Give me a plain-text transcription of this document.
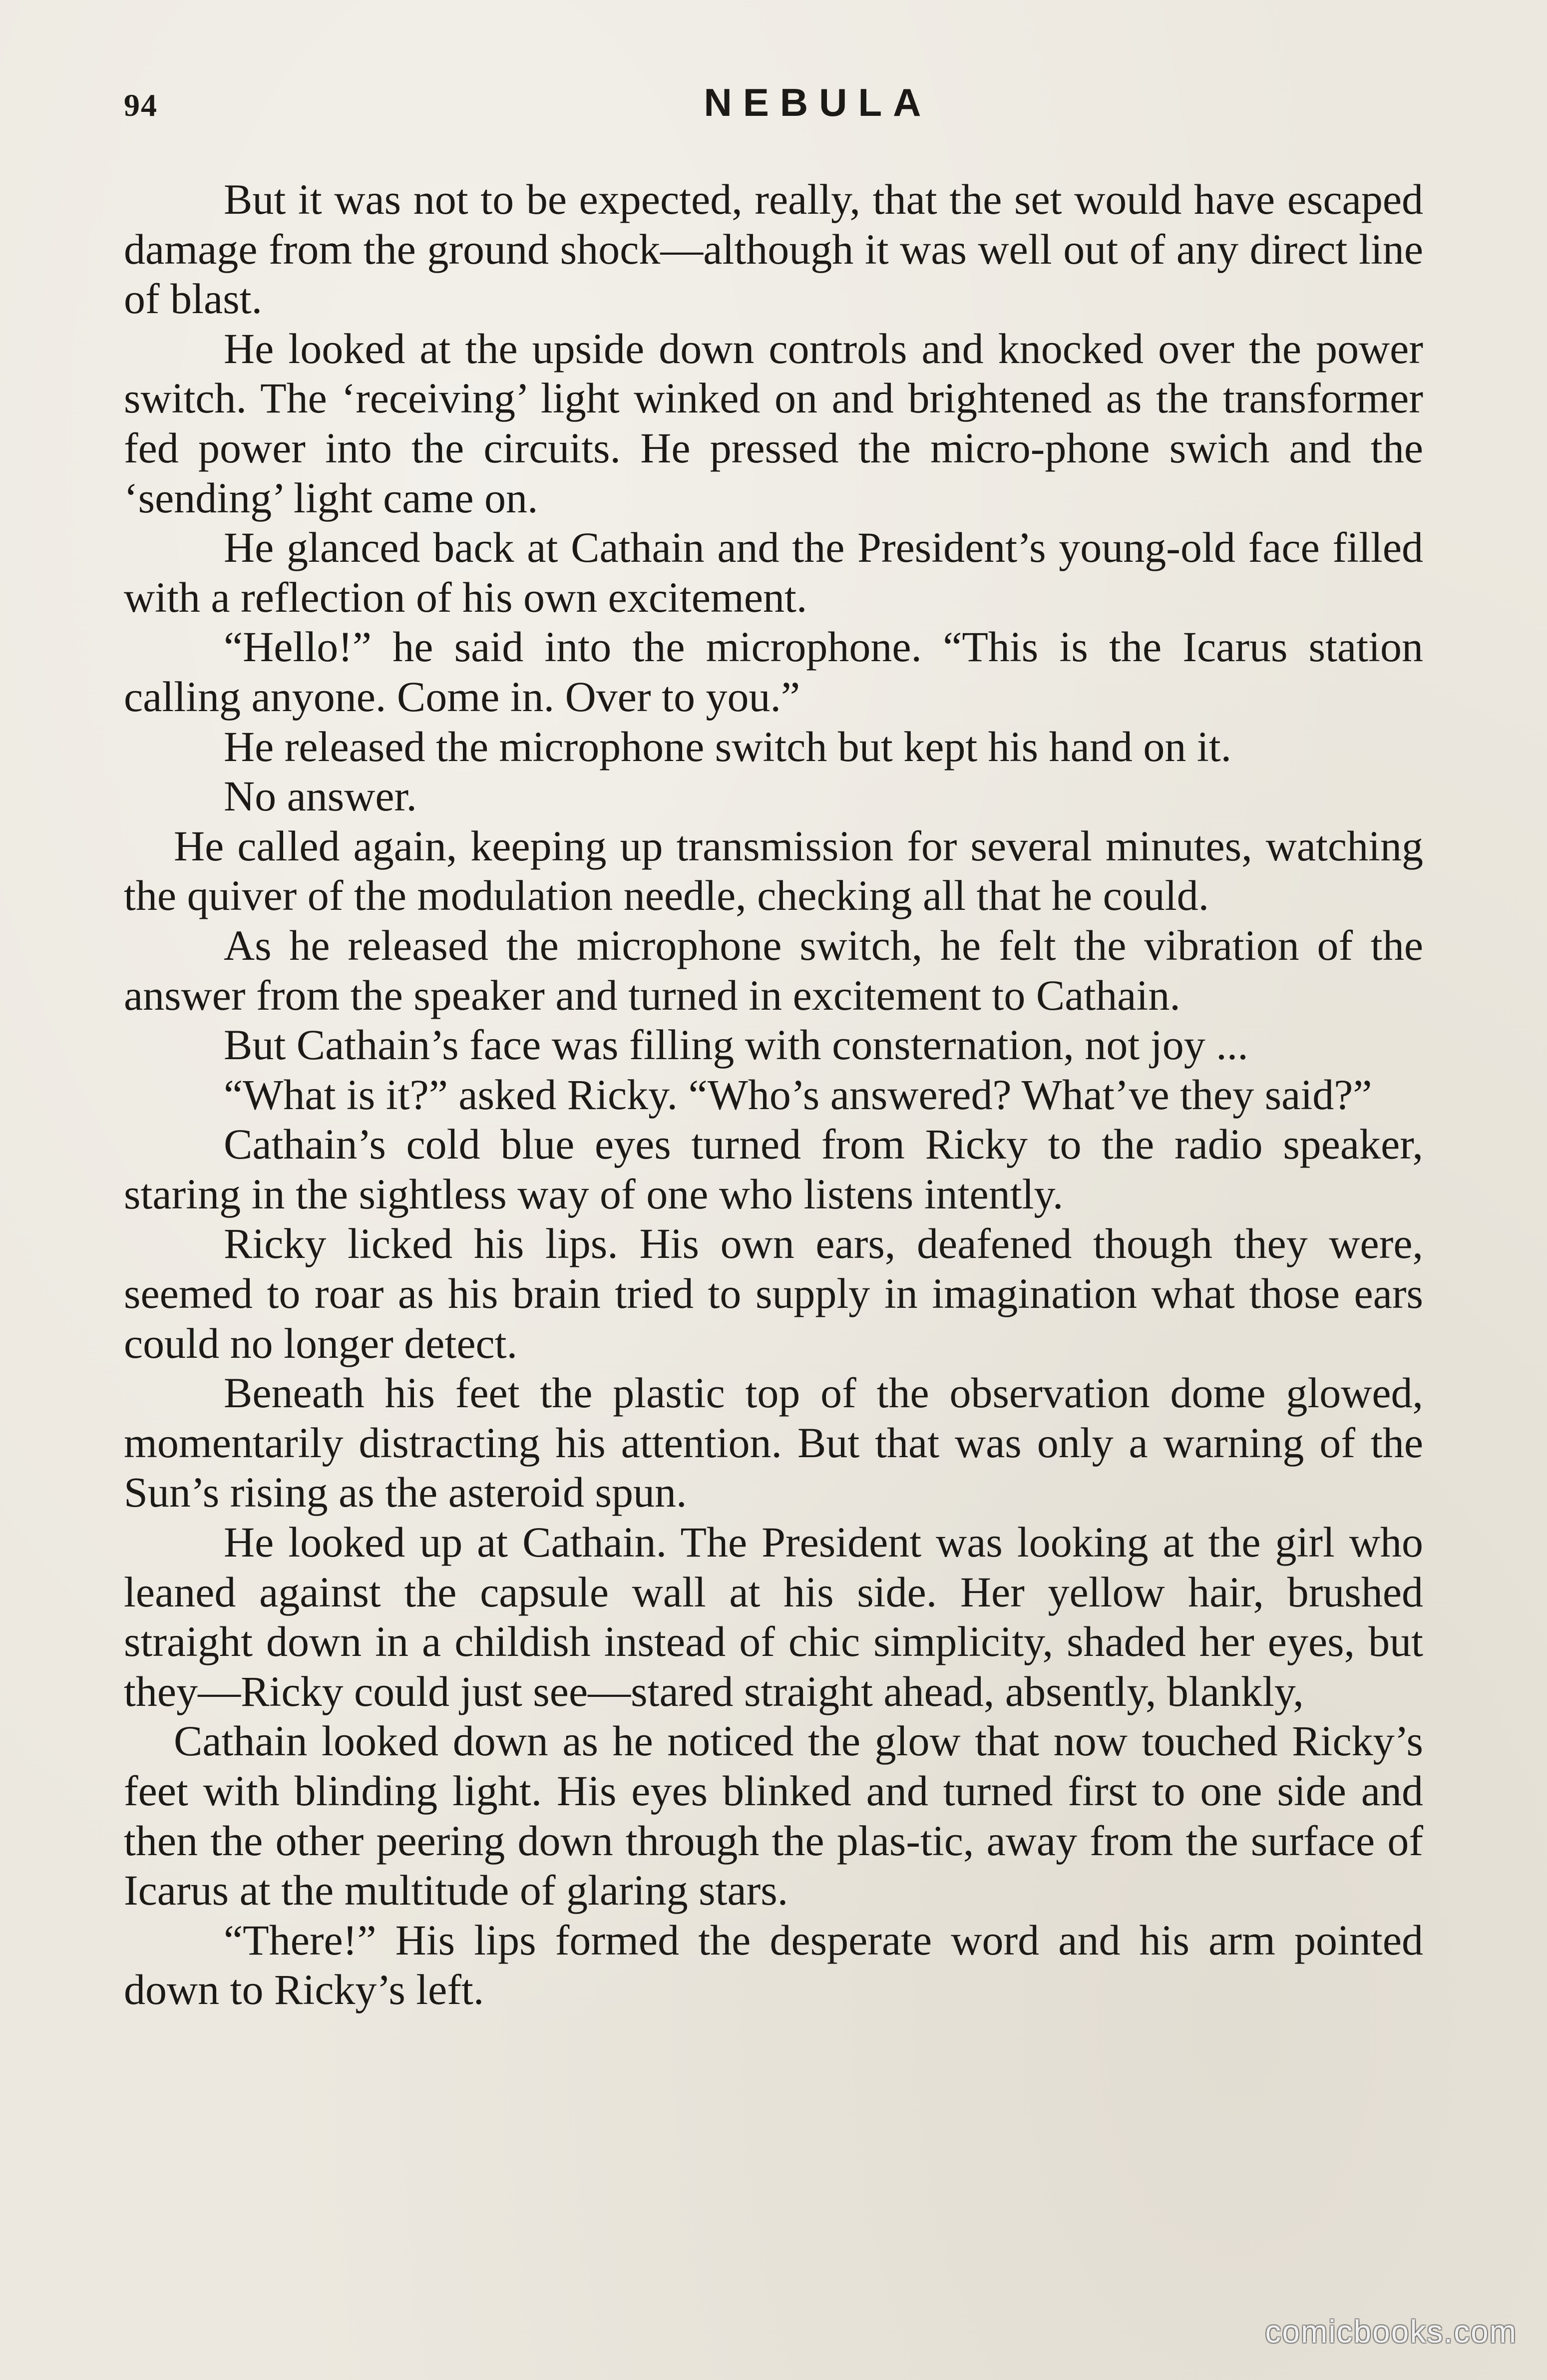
94	NEBULA

But it was not to be expected, really, that the set would have escaped damage from the ground shock—although it was well out of any direct line of blast.

He looked at the upside down controls and knocked over the power switch. The ‘receiving’ light winked on and brightened as the transformer fed power into the circuits. He pressed the micro-phone swich and the ‘sending’ light came on.

He glanced back at Cathain and the President’s young-old face filled with a reflection of his own excitement.

“Hello!” he said into the microphone. “This is the Icarus station calling anyone. Come in. Over to you.”

He released the microphone switch but kept his hand on it.

No answer.

He called again, keeping up transmission for several minutes, watching the quiver of the modulation needle, checking all that he could.

As he released the microphone switch, he felt the vibration of the answer from the speaker and turned in excitement to Cathain.

But Cathain’s face was filling with consternation, not joy ...

“What is it?” asked Ricky. “Who’s answered? What’ve they said?”

Cathain’s cold blue eyes turned from Ricky to the radio speaker, staring in the sightless way of one who listens intently.

Ricky licked his lips. His own ears, deafened though they were, seemed to roar as his brain tried to supply in imagination what those ears could no longer detect.

Beneath his feet the plastic top of the observation dome glowed, momentarily distracting his attention. But that was only a warning of the Sun’s rising as the asteroid spun.

He looked up at Cathain. The President was looking at the girl who leaned against the capsule wall at his side. Her yellow hair, brushed straight down in a childish instead of chic simplicity, shaded her eyes, but they—Ricky could just see—stared straight ahead, absently, blankly,

Cathain looked down as he noticed the glow that now touched Ricky’s feet with blinding light. His eyes blinked and turned first to one side and then the other peering down through the plas-tic, away from the surface of Icarus at the multitude of glaring stars.

“There!” His lips formed the desperate word and his arm pointed down to Ricky’s left.

comicbooks.com
